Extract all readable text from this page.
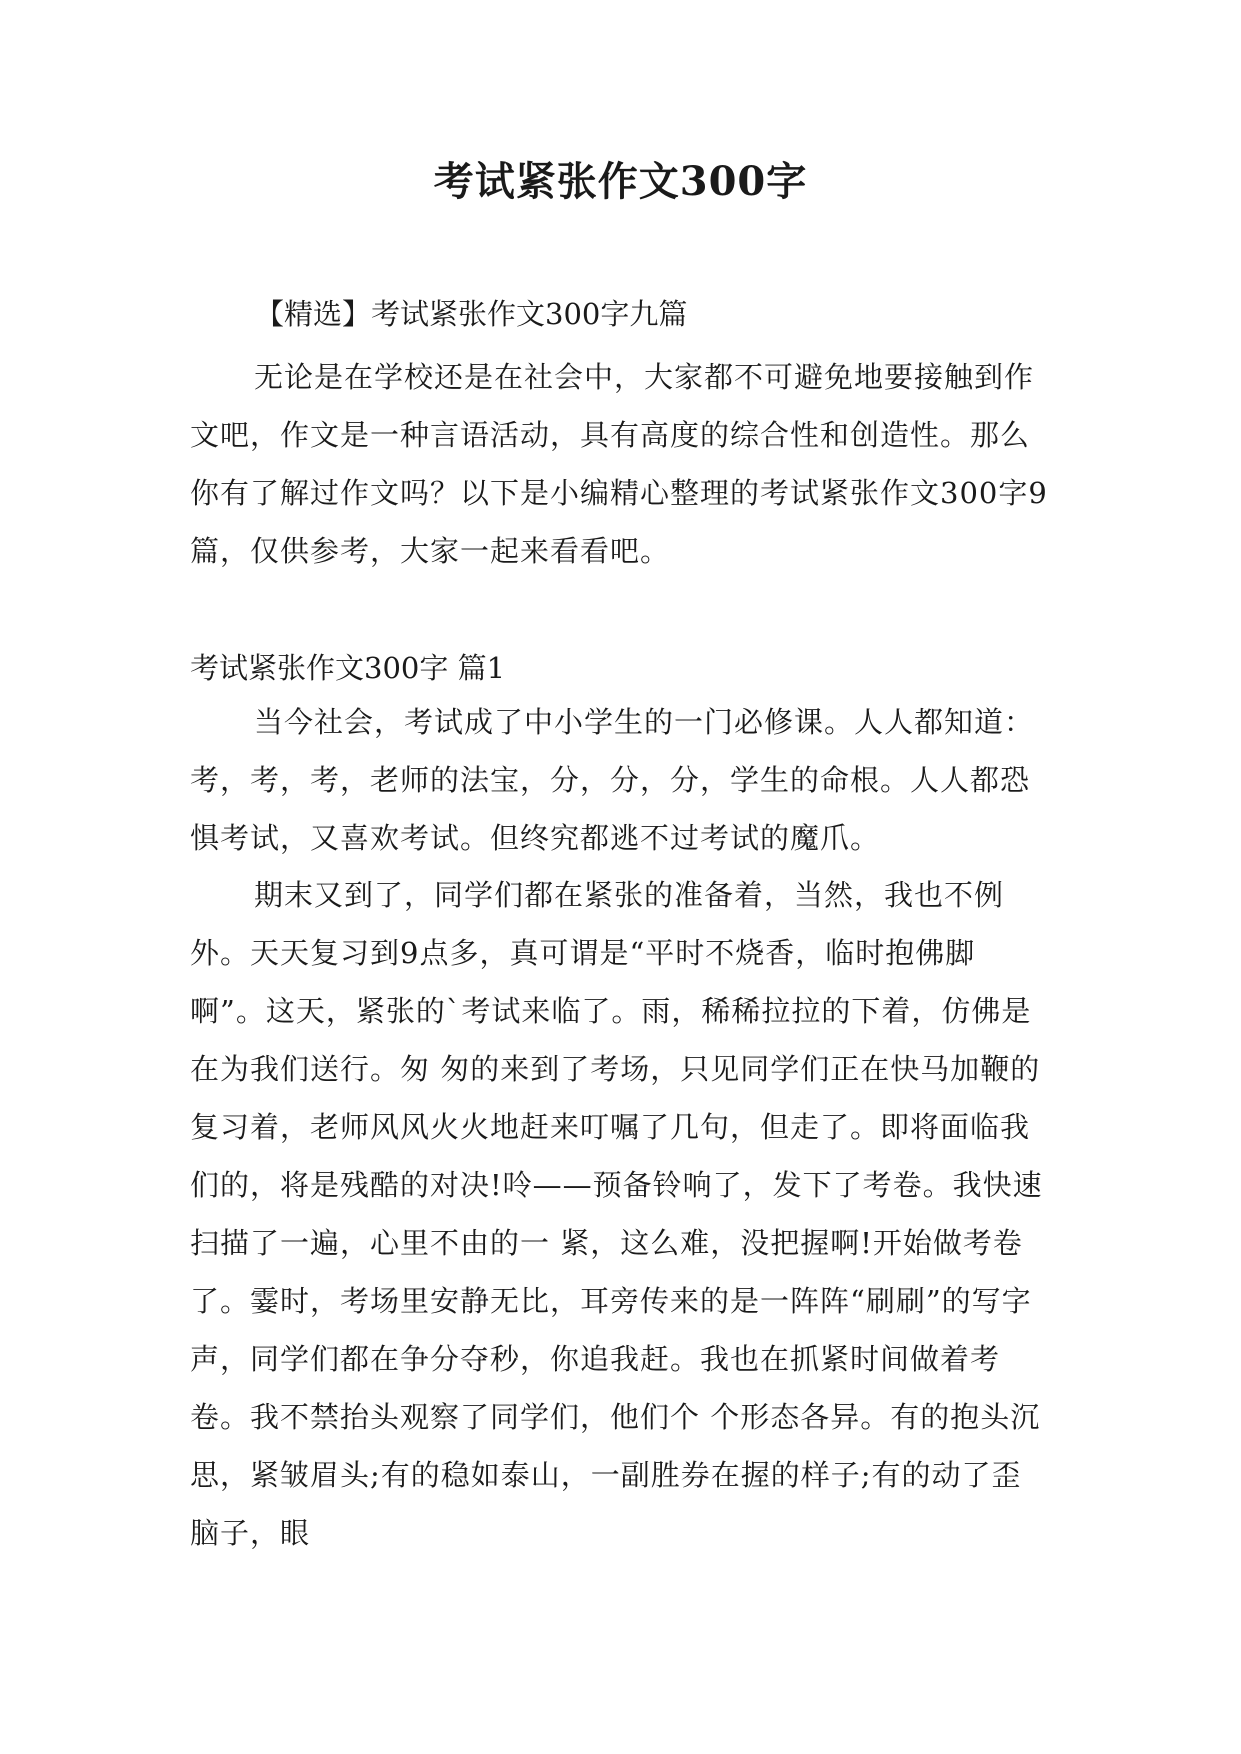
考试紧张作文300字
【精选】考试紧张作文300字九篇
无论是在学校还是在社会中，大家都不可避免地要接触到作文吧，作文是一种言语活动，具有高度的综合性和创造性。那么你有了解过作文吗？以下是小编精心整理的考试紧张作文300字9篇，仅供参考，大家一起来看看吧。
考试紧张作文300字 篇1
当今社会，考试成了中小学生的一门必修课。人人都知道：考，考，考，老师的法宝，分，分，分，学生的命根。人人都恐惧考试，又喜欢考试。但终究都逃不过考试的魔爪。
期末又到了，同学们都在紧张的准备着，当然，我也不例外。天天复习到9点多，真可谓是“平时不烧香，临时抱佛脚啊”。这天，紧张的`考试来临了。雨，稀稀拉拉的下着，仿佛是在为我们送行。匆 匆的来到了考场，只见同学们正在快马加鞭的复习着，老师风风火火地赶来叮嘱了几句，但走了。即将面临我们的，将是残酷的对决!呤——预备铃响了，发下了考卷。我快速扫描了一遍，心里不由的一 紧，这么难，没把握啊!开始做考卷了。霎时，考场里安静无比，耳旁传来的是一阵阵“刷刷”的写字声，同学们都在争分夺秒，你追我赶。我也在抓紧时间做着考卷。我不禁抬头观察了同学们，他们个 个形态各异。有的抱头沉思，紧皱眉头;有的稳如泰山，一副胜券在握的样子;有的动了歪脑子，眼
